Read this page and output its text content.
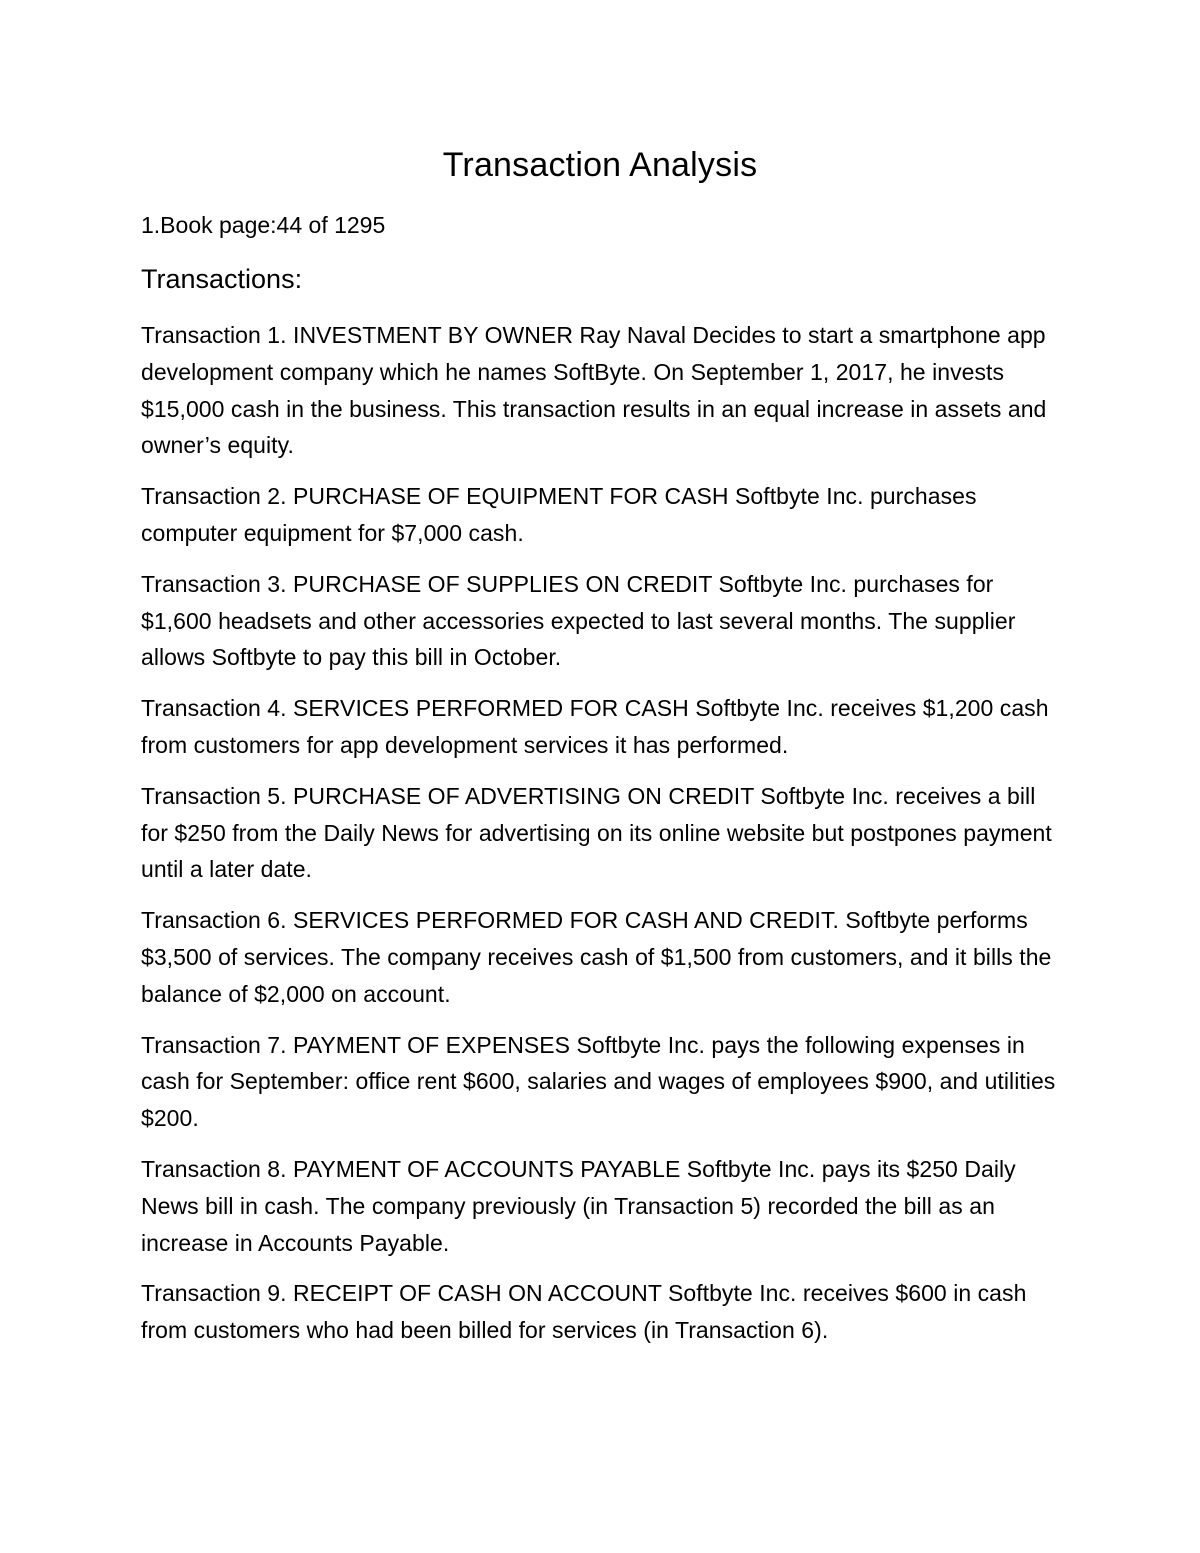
Transaction Analysis

1.Book page:44 of 1295

Transactions:
Transaction 1. INVESTMENT BY OWNER Ray Naval Decides to start a smartphone app development company which he names SoftByte. On September 1, 2017, he invests $15,000 cash in the business. This transaction results in an equal increase in assets and owner’s equity.
Transaction 2. PURCHASE OF EQUIPMENT FOR CASH Softbyte Inc. purchases computer equipment for $7,000 cash.
Transaction 3. PURCHASE OF SUPPLIES ON CREDIT Softbyte Inc. purchases for $1,600 headsets and other accessories expected to last several months. The supplier allows Softbyte to pay this bill in October.
Transaction 4. SERVICES PERFORMED FOR CASH Softbyte Inc. receives $1,200 cash from customers for app development services it has performed.
Transaction 5. PURCHASE OF ADVERTISING ON CREDIT Softbyte Inc. receives a bill for $250 from the Daily News for advertising on its online website but postpones payment until a later date.
Transaction 6. SERVICES PERFORMED FOR CASH AND CREDIT. Softbyte performs $3,500 of services. The company receives cash of $1,500 from customers, and it bills the balance of $2,000 on account.
Transaction 7. PAYMENT OF EXPENSES Softbyte Inc. pays the following expenses in cash for September: office rent $600, salaries and wages of employees $900, and utilities $200.
Transaction 8. PAYMENT OF ACCOUNTS PAYABLE Softbyte Inc. pays its $250 Daily News bill in cash. The company previously (in Transaction 5) recorded the bill as an increase in Accounts Payable.
Transaction 9. RECEIPT OF CASH ON ACCOUNT Softbyte Inc. receives $600 in cash from customers who had been billed for services (in Transaction 6).
